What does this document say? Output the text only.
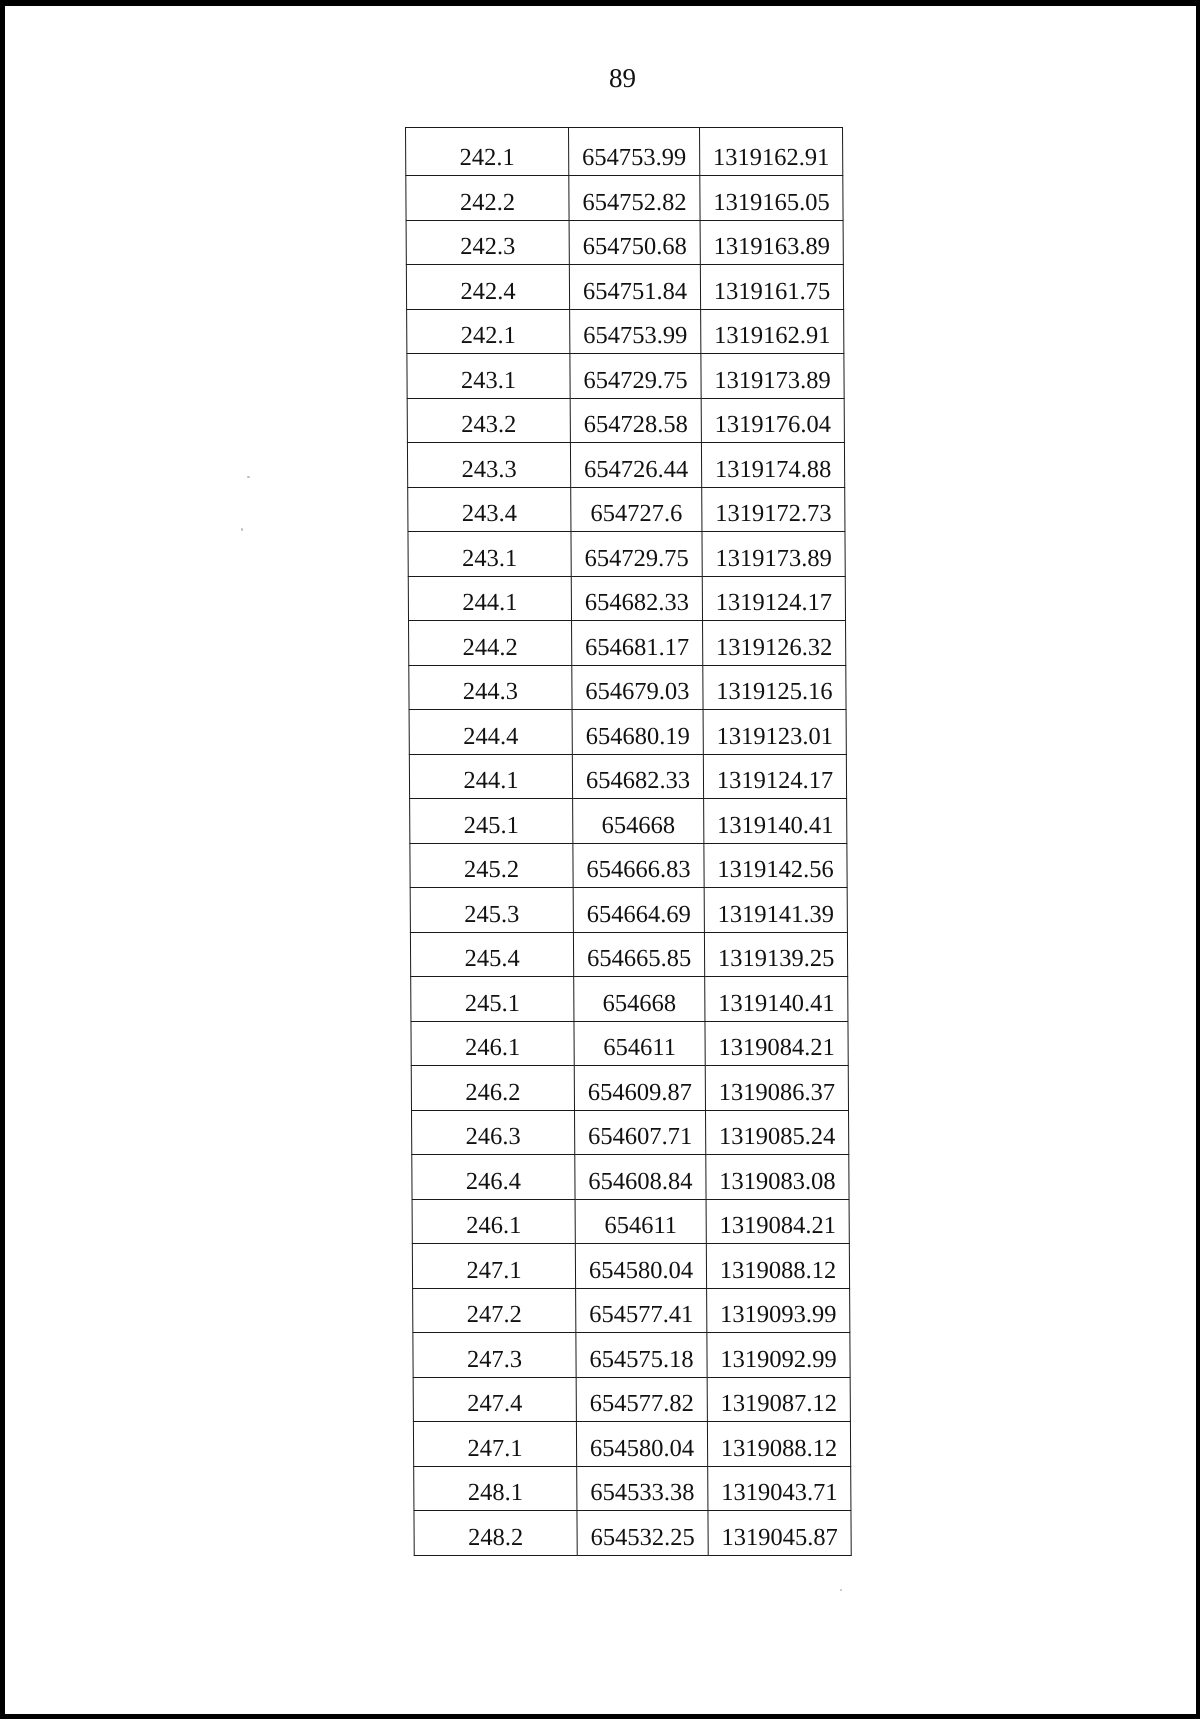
89
242.1	654753.99	1319162.91
242.2	654752.82	1319165.05
242.3	654750.68	1319163.89
242.4	654751.84	1319161.75
242.1	654753.99	1319162.91
243.1	654729.75	1319173.89
243.2	654728.58	1319176.04
243.3	654726.44	1319174.88
243.4	654727.6	1319172.73
243.1	654729.75	1319173.89
244.1	654682.33	1319124.17
244.2	654681.17	1319126.32
244.3	654679.03	1319125.16
244.4	654680.19	1319123.01
244.1	654682.33	1319124.17
245.1	654668	1319140.41
245.2	654666.83	1319142.56
245.3	654664.69	1319141.39
245.4	654665.85	1319139.25
245.1	654668	1319140.41
246.1	654611	1319084.21
246.2	654609.87	1319086.37
246.3	654607.71	1319085.24
246.4	654608.84	1319083.08
246.1	654611	1319084.21
247.1	654580.04	1319088.12
247.2	654577.41	1319093.99
247.3	654575.18	1319092.99
247.4	654577.82	1319087.12
247.1	654580.04	1319088.12
248.1	654533.38	1319043.71
248.2	654532.25	1319045.87
